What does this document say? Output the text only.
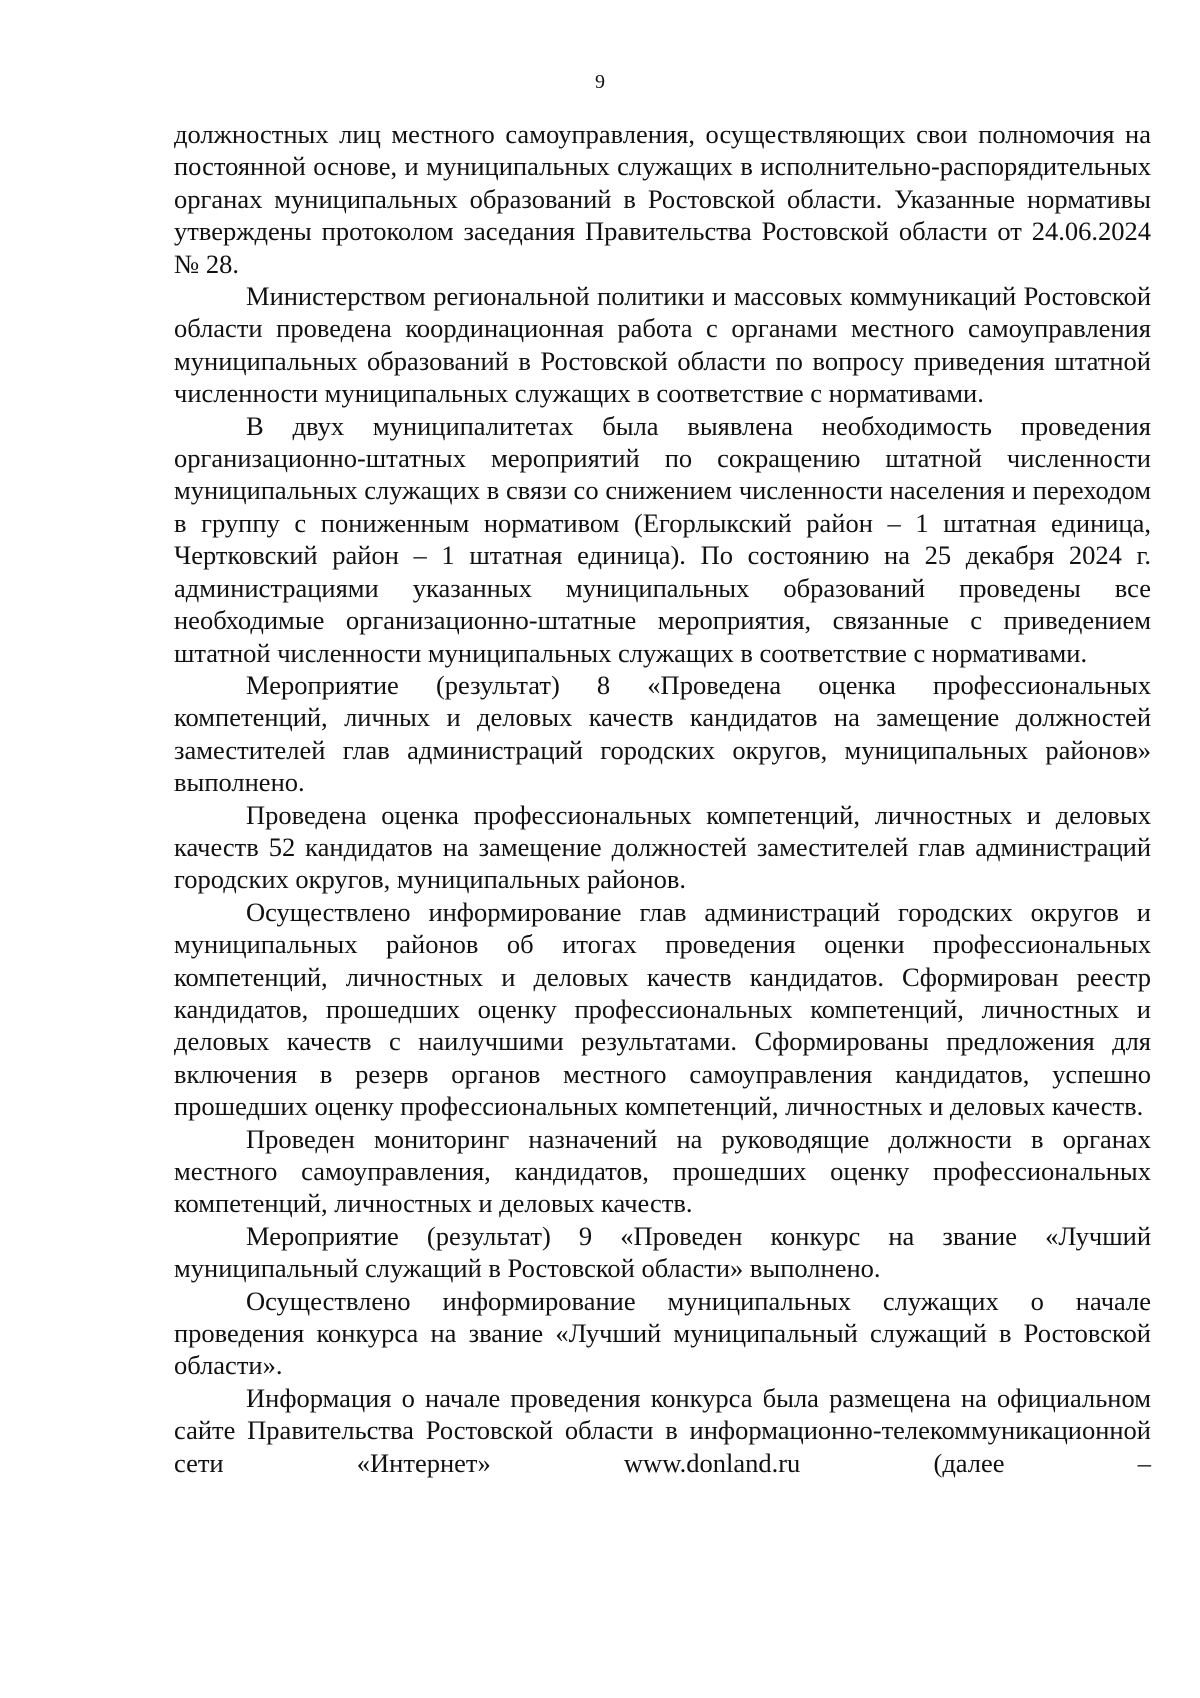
9

должностных лиц местного самоуправления, осуществляющих свои полномочия на постоянной основе, и муниципальных служащих в исполнительно-распорядительных органах муниципальных образований в Ростовской области. Указанные нормативы утверждены протоколом заседания Правительства Ростовской области от 24.06.2024 № 28.

Министерством региональной политики и массовых коммуникаций Ростовской области проведена координационная работа с органами местного самоуправления муниципальных образований в Ростовской области по вопросу приведения штатной численности муниципальных служащих в соответствие с нормативами.

В двух муниципалитетах была выявлена необходимость проведения организационно-штатных мероприятий по сокращению штатной численности муниципальных служащих в связи со снижением численности населения и переходом в группу с пониженным нормативом (Егорлыкский район – 1 штатная единица, Чертковский район – 1 штатная единица). По состоянию на 25 декабря 2024 г. администрациями указанных муниципальных образований проведены все необходимые организационно-штатные мероприятия, связанные с приведением штатной численности муниципальных служащих в соответствие с нормативами.

Мероприятие (результат) 8 «Проведена оценка профессиональных компетенций, личных и деловых качеств кандидатов на замещение должностей заместителей глав администраций городских округов, муниципальных районов» выполнено.

Проведена оценка профессиональных компетенций, личностных и деловых качеств 52 кандидатов на замещение должностей заместителей глав администраций городских округов, муниципальных районов.

Осуществлено информирование глав администраций городских округов и муниципальных районов об итогах проведения оценки профессиональных компетенций, личностных и деловых качеств кандидатов. Сформирован реестр кандидатов, прошедших оценку профессиональных компетенций, личностных и деловых качеств с наилучшими результатами. Сформированы предложения для включения в резерв органов местного самоуправления кандидатов, успешно прошедших оценку профессиональных компетенций, личностных и деловых качеств.

Проведен мониторинг назначений на руководящие должности в органах местного самоуправления, кандидатов, прошедших оценку профессиональных компетенций, личностных и деловых качеств.

Мероприятие (результат) 9 «Проведен конкурс на звание «Лучший муниципальный служащий в Ростовской области» выполнено.

Осуществлено информирование муниципальных служащих о начале проведения конкурса на звание «Лучший муниципальный служащий в Ростовской области».

Информация о начале проведения конкурса была размещена на официальном сайте Правительства Ростовской области в информационно-телекоммуникационной сети «Интернет» www.donland.ru (далее –
